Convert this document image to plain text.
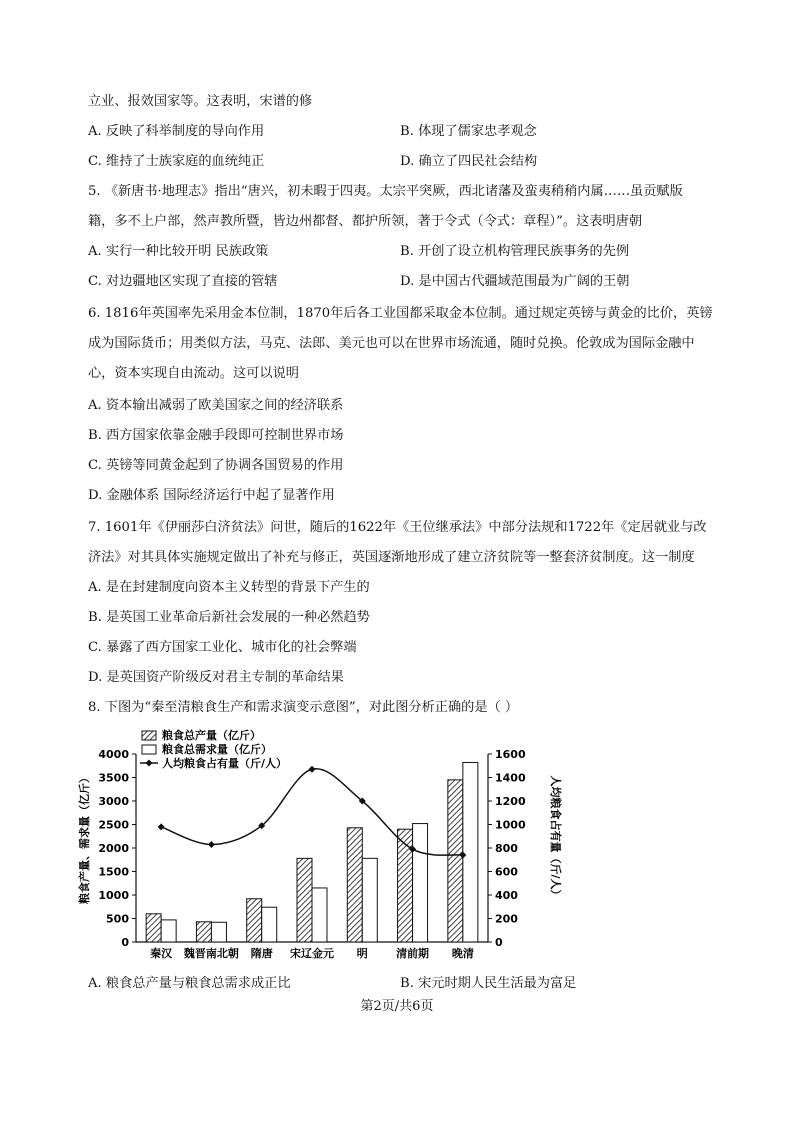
立业、报效国家等。这表明，宋谱的修
A. 反映了科举制度的导向作用	B. 体现了儒家忠孝观念
C. 维持了士族家庭的血统纯正	D. 确立了四民社会结构
5. 《新唐书·地理志》指出“唐兴，初未暇于四夷。太宗平突厥，西北诸藩及蛮夷稍稍内属……虽贡赋版
籍，多不上户部，然声教所暨，皆边州都督、都护所领，著于令式（令式：章程）”。这表明唐朝
A. 实行一种比较开明 民族政策	B. 开创了设立机构管理民族事务的先例
C. 对边疆地区实现了直接的管辖	D. 是中国古代疆域范围最为广阔的王朝
6. 1816年英国率先采用金本位制，1870年后各工业国都采取金本位制。通过规定英镑与黄金的比价，英镑
成为国际货币；用类似方法，马克、法郎、美元也可以在世界市场流通，随时兑换。伦敦成为国际金融中
心，资本实现自由流动。这可以说明
A. 资本输出减弱了欧美国家之间的经济联系
B. 西方国家依靠金融手段即可控制世界市场
C. 英镑等同黄金起到了协调各国贸易的作用
D. 金融体系 国际经济运行中起了显著作用
7. 1601年《伊丽莎白济贫法》问世，随后的1622年《王位继承法》中部分法规和1722年《定居就业与改
济法》对其具体实施规定做出了补充与修正，英国逐渐地形成了建立济贫院等一整套济贫制度。这一制度
A. 是在封建制度向资本主义转型的背景下产生的
B. 是英国工业革命后新社会发展的一种必然趋势
C. 暴露了西方国家工业化、城市化的社会弊端
D. 是英国资产阶级反对君主专制的革命结果
8. 下图为“秦至清粮食生产和需求演变示意图”，对此图分析正确的是（ ）
0
500
1000
1500
2000
2500
3000
3500
4000
0
200
400
600
800
1000
1200
1400
1600
秦汉 魏晋南北朝 隋唐 宋辽金元 明	清前期 晚清
粮食总产量（亿斤）
粮食总需求量（亿斤）
人均粮食占有量（斤/人）
粮食产量、需求量（亿斤）	人均粮食占有量（斤/人）
A. 粮食总产量与粮食总需求成正比	B. 宋元时期人民生活最为富足
第2页/共6页
